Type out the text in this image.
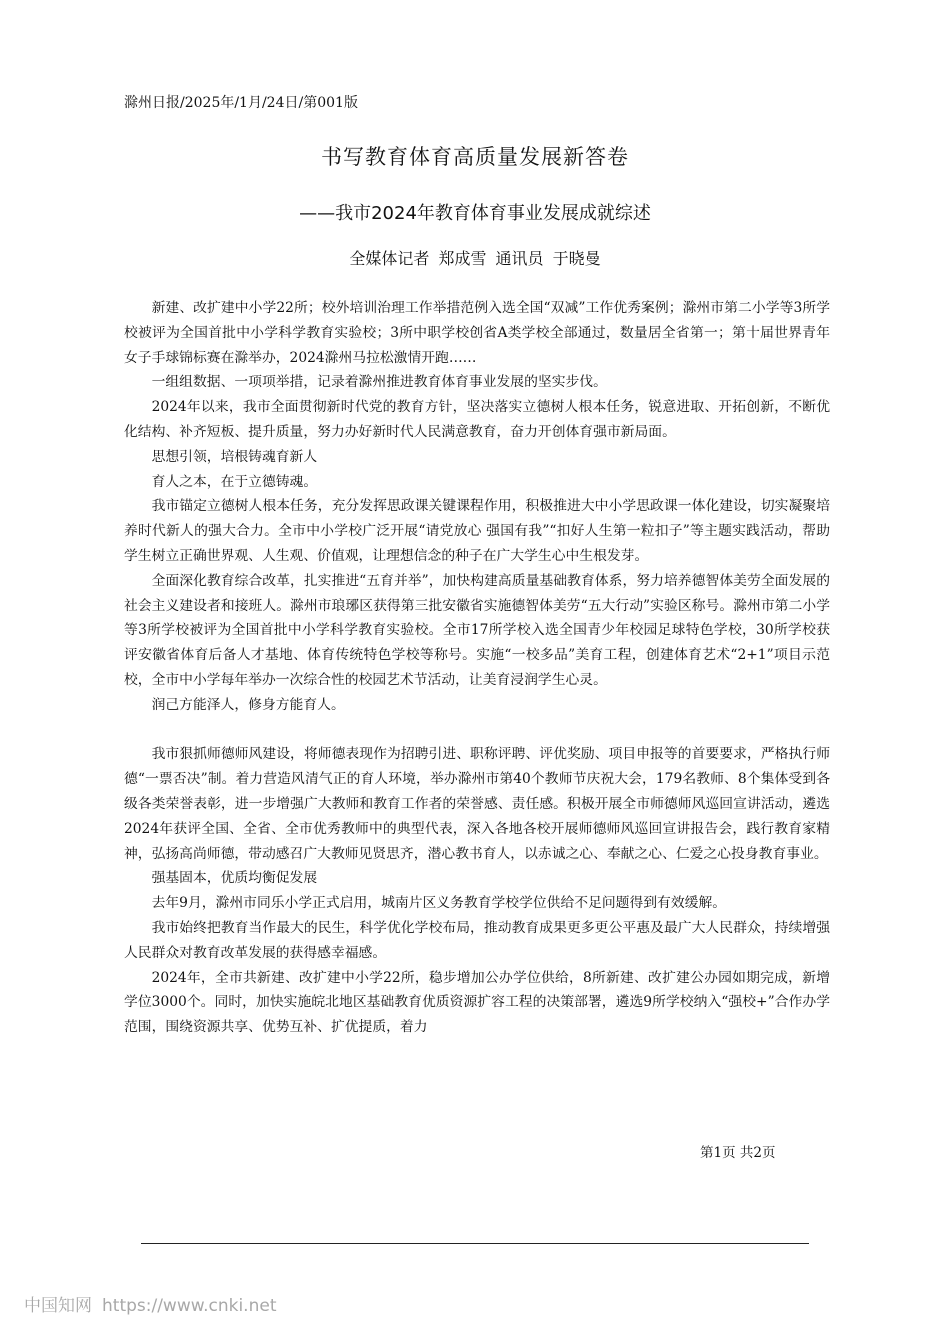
滁州日报/2025年/1月/24日/第001版
书写教育体育高质量发展新答卷
——我市2024年教育体育事业发展成就综述
全媒体记者 郑成雪 通讯员 于晓曼

新建、改扩建中小学22所；校外培训治理工作举措范例入选全国“双减”工作优秀案例；滁州市第二小学等3所学校被评为全国首批中小学科学教育实验校；3所中职学校创省A类学校全部通过，数量居全省第一；第十届世界青年女子手球锦标赛在滁举办，2024滁州马拉松激情开跑……

一组组数据、一项项举措，记录着滁州推进教育体育事业发展的坚实步伐。

2024年以来，我市全面贯彻新时代党的教育方针，坚决落实立德树人根本任务，锐意进取、开拓创新，不断优化结构、补齐短板、提升质量，努力办好新时代人民满意教育，奋力开创体育强市新局面。

思想引领，培根铸魂育新人

育人之本，在于立德铸魂。

我市锚定立德树人根本任务，充分发挥思政课关键课程作用，积极推进大中小学思政课一体化建设，切实凝聚培养时代新人的强大合力。全市中小学校广泛开展“请党放心 强国有我”“扣好人生第一粒扣子”等主题实践活动，帮助学生树立正确世界观、人生观、价值观，让理想信念的种子在广大学生心中生根发芽。

全面深化教育综合改革，扎实推进“五育并举”，加快构建高质量基础教育体系，努力培养德智体美劳全面发展的社会主义建设者和接班人。滁州市琅琊区获得第三批安徽省实施德智体美劳“五大行动”实验区称号。滁州市第二小学等3所学校被评为全国首批中小学科学教育实验校。全市17所学校入选全国青少年校园足球特色学校，30所学校获评安徽省体育后备人才基地、体育传统特色学校等称号。实施“一校多品”美育工程，创建体育艺术“2+1”项目示范校，全市中小学每年举办一次综合性的校园艺术节活动，让美育浸润学生心灵。

润己方能泽人，修身方能育人。

我市狠抓师德师风建设，将师德表现作为招聘引进、职称评聘、评优奖励、项目申报等的首要要求，严格执行师德“一票否决”制。着力营造风清气正的育人环境，举办滁州市第40个教师节庆祝大会，179名教师、8个集体受到各级各类荣誉表彰，进一步增强广大教师和教育工作者的荣誉感、责任感。积极开展全市师德师风巡回宣讲活动，遴选2024年获评全国、全省、全市优秀教师中的典型代表，深入各地各校开展师德师风巡回宣讲报告会，践行教育家精神，弘扬高尚师德，带动感召广大教师见贤思齐，潜心教书育人，以赤诚之心、奉献之心、仁爱之心投身教育事业。

强基固本，优质均衡促发展

去年9月，滁州市同乐小学正式启用，城南片区义务教育学校学位供给不足问题得到有效缓解。

我市始终把教育当作最大的民生，科学优化学校布局，推动教育成果更多更公平惠及最广大人民群众，持续增强人民群众对教育改革发展的获得感幸福感。

2024年，全市共新建、改扩建中小学22所，稳步增加公办学位供给，8所新建、改扩建公办园如期完成，新增学位3000个。同时，加快实施皖北地区基础教育优质资源扩容工程的决策部署，遴选9所学校纳入“强校+”合作办学范围，围绕资源共享、优势互补、扩优提质，着力

第1页 共2页
中国知网 https://www.cnki.net
